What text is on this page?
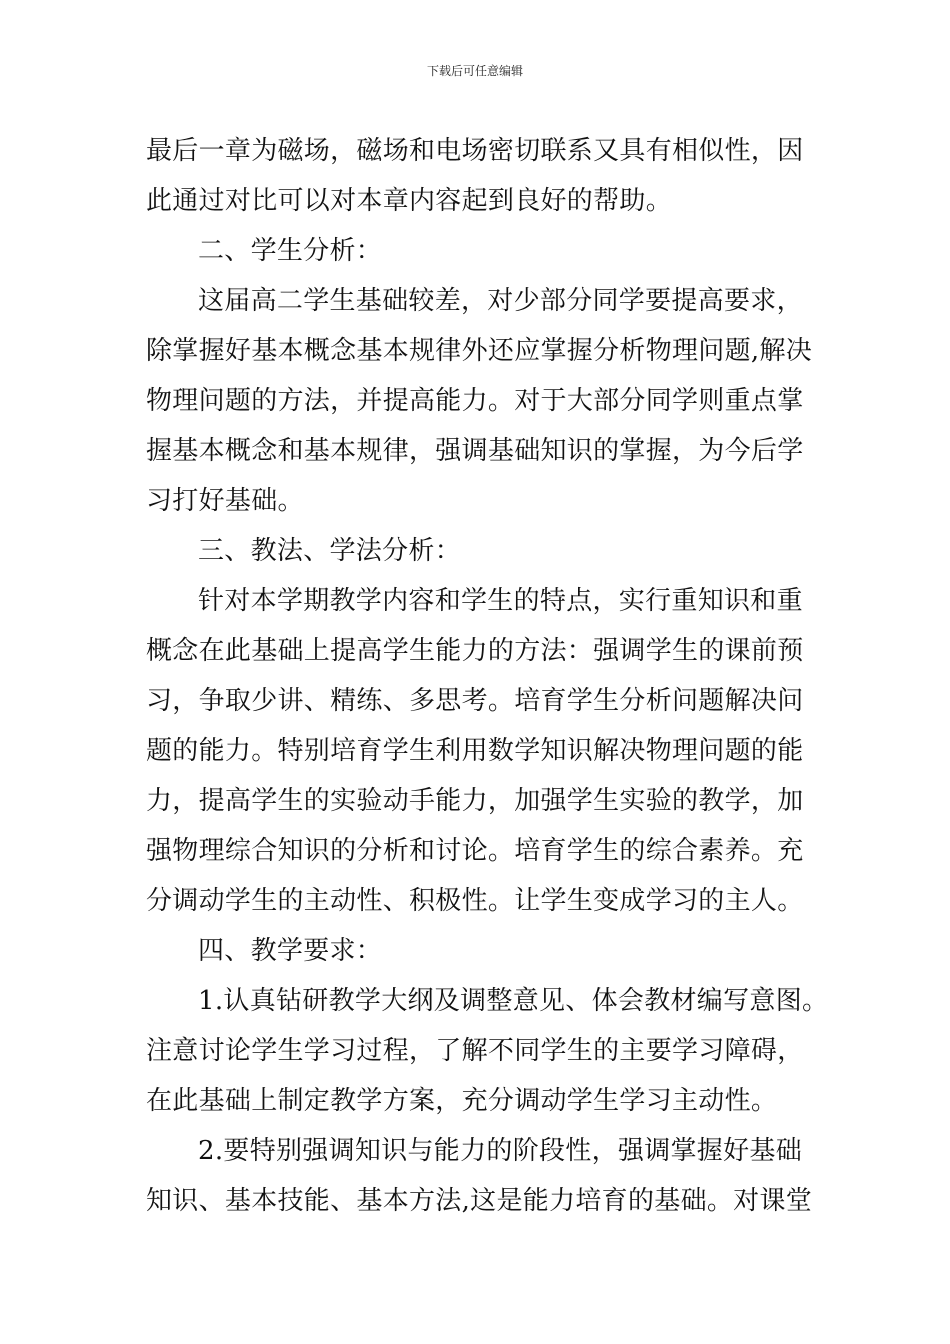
下载后可任意编辑
最后一章为磁场，磁场和电场密切联系又具有相似性，因
此通过对比可以对本章内容起到良好的帮助。
二、学生分析：
这届高二学生基础较差，对少部分同学要提高要求，
除掌握好基本概念基本规律外还应掌握分析物理问题,解决
物理问题的方法，并提高能力。对于大部分同学则重点掌
握基本概念和基本规律，强调基础知识的掌握，为今后学
习打好基础。
三、教法、学法分析：
针对本学期教学内容和学生的特点，实行重知识和重
概念在此基础上提高学生能力的方法：强调学生的课前预
习，争取少讲、精练、多思考。培育学生分析问题解决问
题的能力。特别培育学生利用数学知识解决物理问题的能
力，提高学生的实验动手能力，加强学生实验的教学，加
强物理综合知识的分析和讨论。培育学生的综合素养。充
分调动学生的主动性、积极性。让学生变成学习的主人。
四、教学要求：
1.认真钻研教学大纲及调整意见、体会教材编写意图。
注意讨论学生学习过程，了解不同学生的主要学习障碍，
在此基础上制定教学方案，充分调动学生学习主动性。
2.要特别强调知识与能力的阶段性，强调掌握好基础
知识、基本技能、基本方法,这是能力培育的基础。对课堂
